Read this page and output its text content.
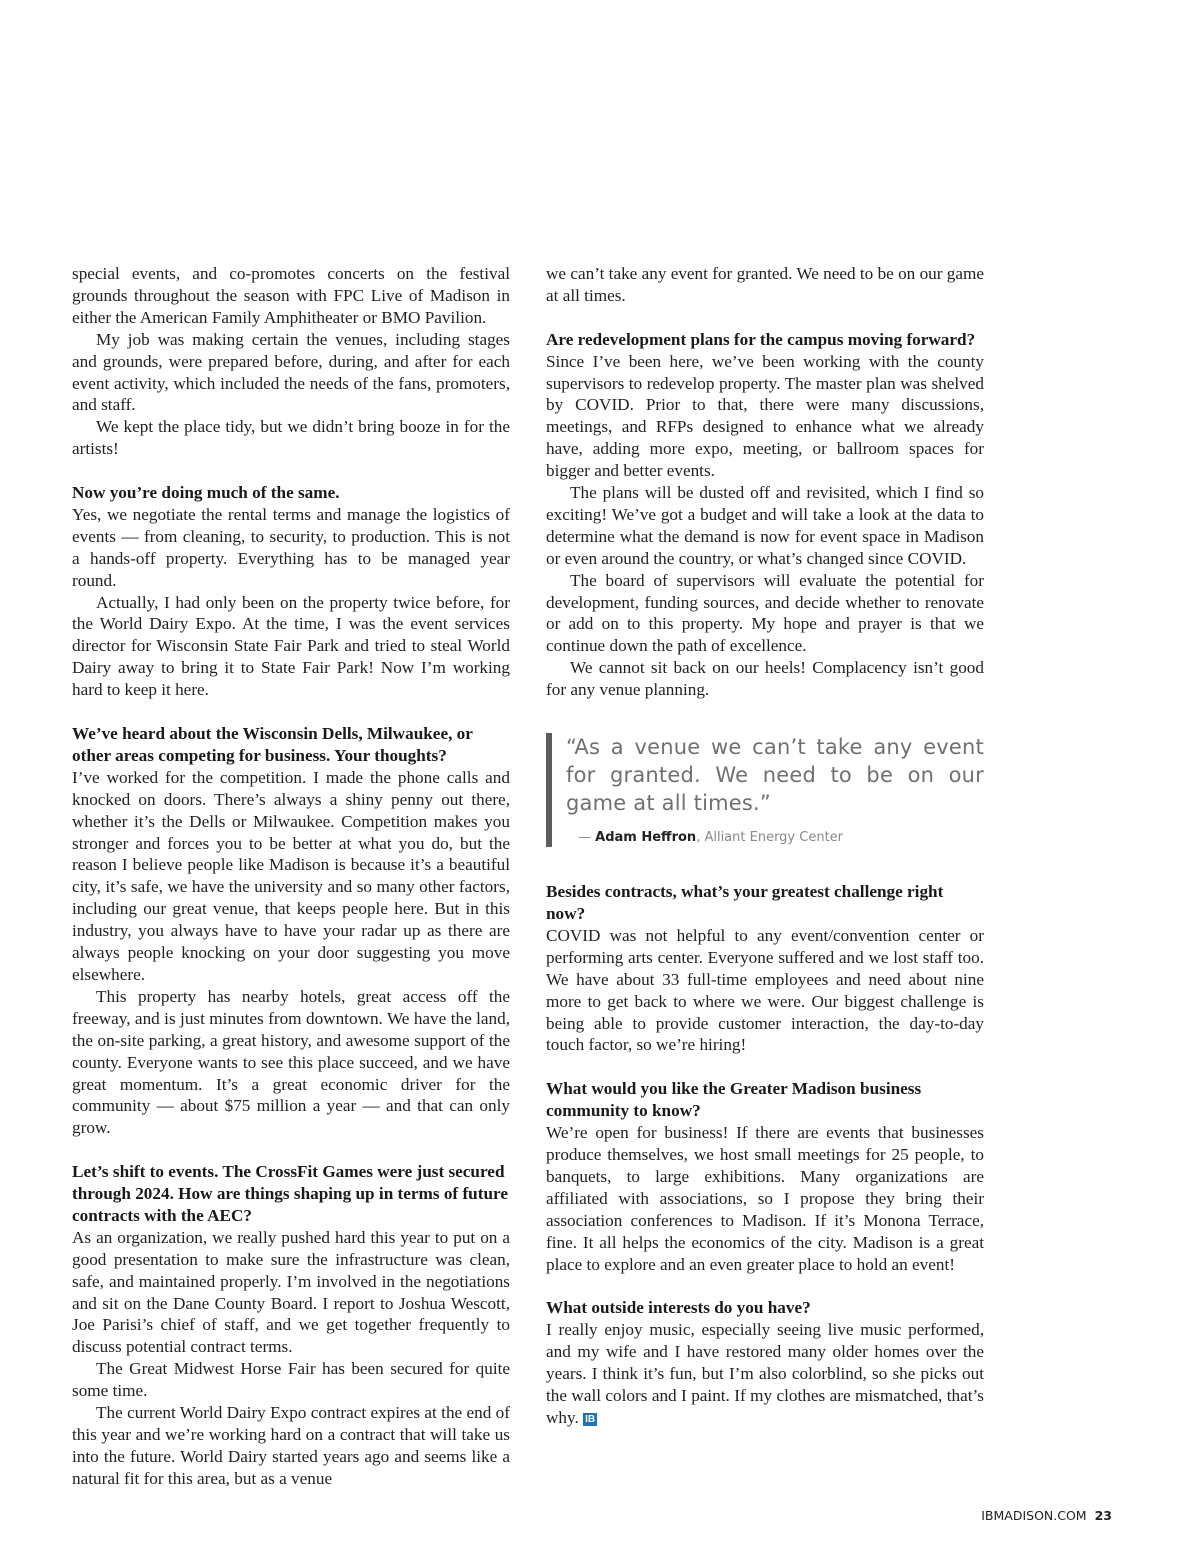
special events, and co-promotes concerts on the festival grounds throughout the season with FPC Live of Madison in either the American Family Amphitheater or BMO Pavilion.

My job was making certain the venues, including stages and grounds, were prepared before, during, and after for each event activity, which included the needs of the fans, promoters, and staff.

We kept the place tidy, but we didn’t bring booze in for the artists!

Now you’re doing much of the same.

Yes, we negotiate the rental terms and manage the logistics of events — from cleaning, to security, to production. This is not a hands-off property. Everything has to be managed year round.

Actually, I had only been on the property twice before, for the World Dairy Expo. At the time, I was the event services director for Wisconsin State Fair Park and tried to steal World Dairy away to bring it to State Fair Park! Now I’m working hard to keep it here.

We’ve heard about the Wisconsin Dells, Milwaukee, or other areas competing for business. Your thoughts?

I’ve worked for the competition. I made the phone calls and knocked on doors. There’s always a shiny penny out there, whether it’s the Dells or Milwaukee. Competition makes you stronger and forces you to be better at what you do, but the reason I believe people like Madison is because it’s a beautiful city, it’s safe, we have the university and so many other factors, including our great venue, that keeps people here. But in this industry, you always have to have your radar up as there are always people knocking on your door suggesting you move elsewhere.

This property has nearby hotels, great access off the freeway, and is just minutes from downtown. We have the land, the on-site parking, a great history, and awesome support of the county. Everyone wants to see this place succeed, and we have great momentum. It’s a great economic driver for the community — about $75 million a year — and that can only grow.

Let’s shift to events. The CrossFit Games were just secured through 2024. How are things shaping up in terms of future contracts with the AEC?

As an organization, we really pushed hard this year to put on a good presentation to make sure the infrastructure was clean, safe, and maintained properly. I’m involved in the negotiations and sit on the Dane County Board. I report to Joshua Wescott, Joe Parisi’s chief of staff, and we get together frequently to discuss potential contract terms.

The Great Midwest Horse Fair has been secured for quite some time.

The current World Dairy Expo contract expires at the end of this year and we’re working hard on a contract that will take us into the future. World Dairy started years ago and seems like a natural fit for this area, but as a venue

we can’t take any event for granted. We need to be on our game at all times.

Are redevelopment plans for the campus moving forward?

Since I’ve been here, we’ve been working with the county supervisors to redevelop property. The master plan was shelved by COVID. Prior to that, there were many discussions, meetings, and RFPs designed to enhance what we already have, adding more expo, meeting, or ballroom spaces for bigger and better events.

The plans will be dusted off and revisited, which I find so exciting! We’ve got a budget and will take a look at the data to determine what the demand is now for event space in Madison or even around the country, or what’s changed since COVID.

The board of supervisors will evaluate the potential for development, funding sources, and decide whether to renovate or add on to this property. My hope and prayer is that we continue down the path of excellence.

We cannot sit back on our heels! Complacency isn’t good for any venue planning.

“As a venue we can’t take any event for granted. We need to be on our game at all times.”

— Adam Heffron, Alliant Energy Center
Besides contracts, what’s your greatest challenge right now?

COVID was not helpful to any event/convention center or performing arts center. Everyone suffered and we lost staff too. We have about 33 full-time employees and need about nine more to get back to where we were. Our biggest challenge is being able to provide customer interaction, the day-to-day touch factor, so we’re hiring!

What would you like the Greater Madison business community to know?

We’re open for business! If there are events that businesses produce themselves, we host small meetings for 25 people, to banquets, to large exhibitions. Many organizations are affiliated with associations, so I propose they bring their association conferences to Madison. If it’s Monona Terrace, fine. It all helps the economics of the city. Madison is a great place to explore and an even greater place to hold an event!

What outside interests do you have?

I really enjoy music, especially seeing live music performed, and my wife and I have restored many older homes over the years. I think it’s fun, but I’m also colorblind, so she picks out the wall colors and I paint. If my clothes are mismatched, that’s why. IB

IBMADISON.COM 23
